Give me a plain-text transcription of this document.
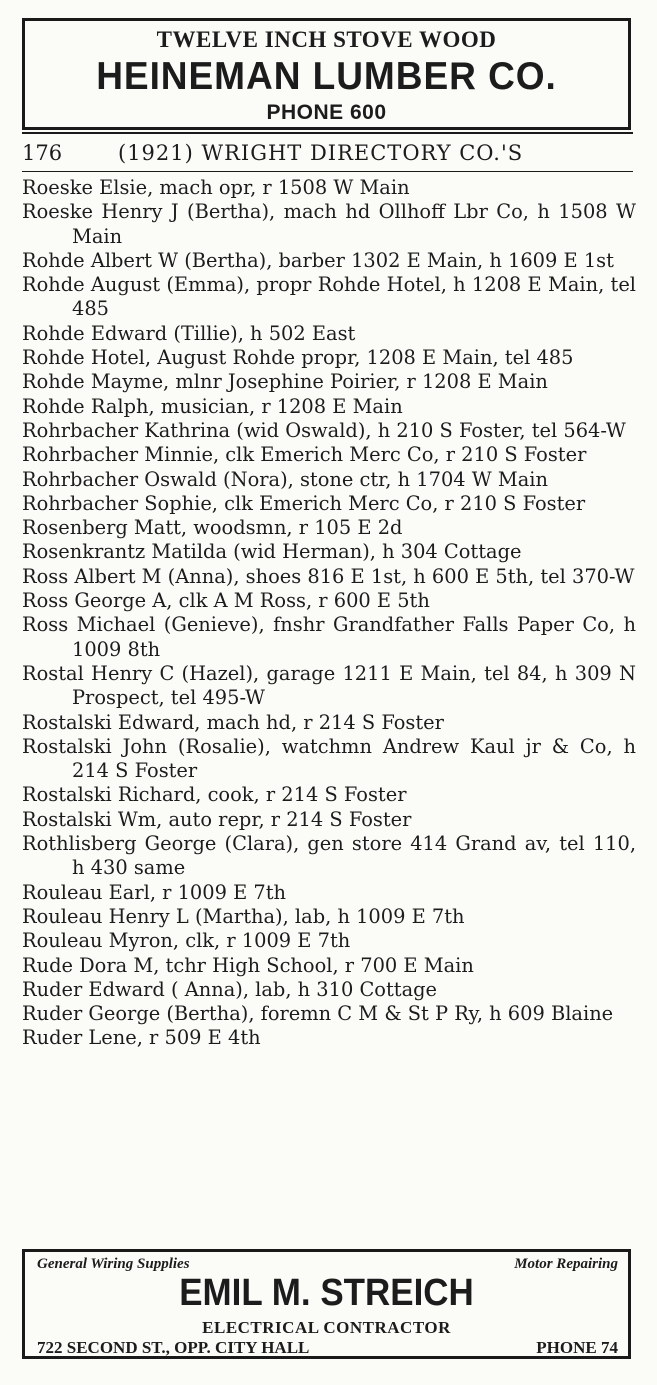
TWELVE INCH STOVE WOOD
HEINEMAN LUMBER CO.
PHONE 600
176	(1921) WRIGHT DIRECTORY CO.'S
Roeske Elsie, mach opr, r 1508 W Main
Roeske Henry J (Bertha), mach hd Ollhoff Lbr Co, h 1508 W Main
Rohde Albert W (Bertha), barber 1302 E Main, h 1609 E 1st
Rohde August (Emma), propr Rohde Hotel, h 1208 E Main, tel 485
Rohde Edward (Tillie), h 502 East
Rohde Hotel, August Rohde propr, 1208 E Main, tel 485
Rohde Mayme, mlnr Josephine Poirier, r 1208 E Main
Rohde Ralph, musician, r 1208 E Main
Rohrbacher Kathrina (wid Oswald), h 210 S Foster, tel 564-W
Rohrbacher Minnie, clk Emerich Merc Co, r 210 S Foster
Rohrbacher Oswald (Nora), stone ctr, h 1704 W Main
Rohrbacher Sophie, clk Emerich Merc Co, r 210 S Foster
Rosenberg Matt, woodsmn, r 105 E 2d
Rosenkrantz Matilda (wid Herman), h 304 Cottage
Ross Albert M (Anna), shoes 816 E 1st, h 600 E 5th, tel 370-W
Ross George A, clk A M Ross, r 600 E 5th
Ross Michael (Genieve), fnshr Grandfather Falls Paper Co, h 1009 8th
Rostal Henry C (Hazel), garage 1211 E Main, tel 84, h 309 N Prospect, tel 495-W
Rostalski Edward, mach hd, r 214 S Foster
Rostalski John (Rosalie), watchmn Andrew Kaul jr & Co, h 214 S Foster
Rostalski Richard, cook, r 214 S Foster
Rostalski Wm, auto repr, r 214 S Foster
Rothlisberg George (Clara), gen store 414 Grand av, tel 110, h 430 same
Rouleau Earl, r 1009 E 7th
Rouleau Henry L (Martha), lab, h 1009 E 7th
Rouleau Myron, clk, r 1009 E 7th
Rude Dora M, tchr High School, r 700 E Main
Ruder Edward ( Anna), lab, h 310 Cottage
Ruder George (Bertha), foremn C M & St P Ry, h 609 Blaine
Ruder Lene, r 509 E 4th
General Wiring Supplies	Motor Repairing
EMIL M. STREICH
ELECTRICAL CONTRACTOR
722 SECOND ST., OPP. CITY HALL	PHONE 74
